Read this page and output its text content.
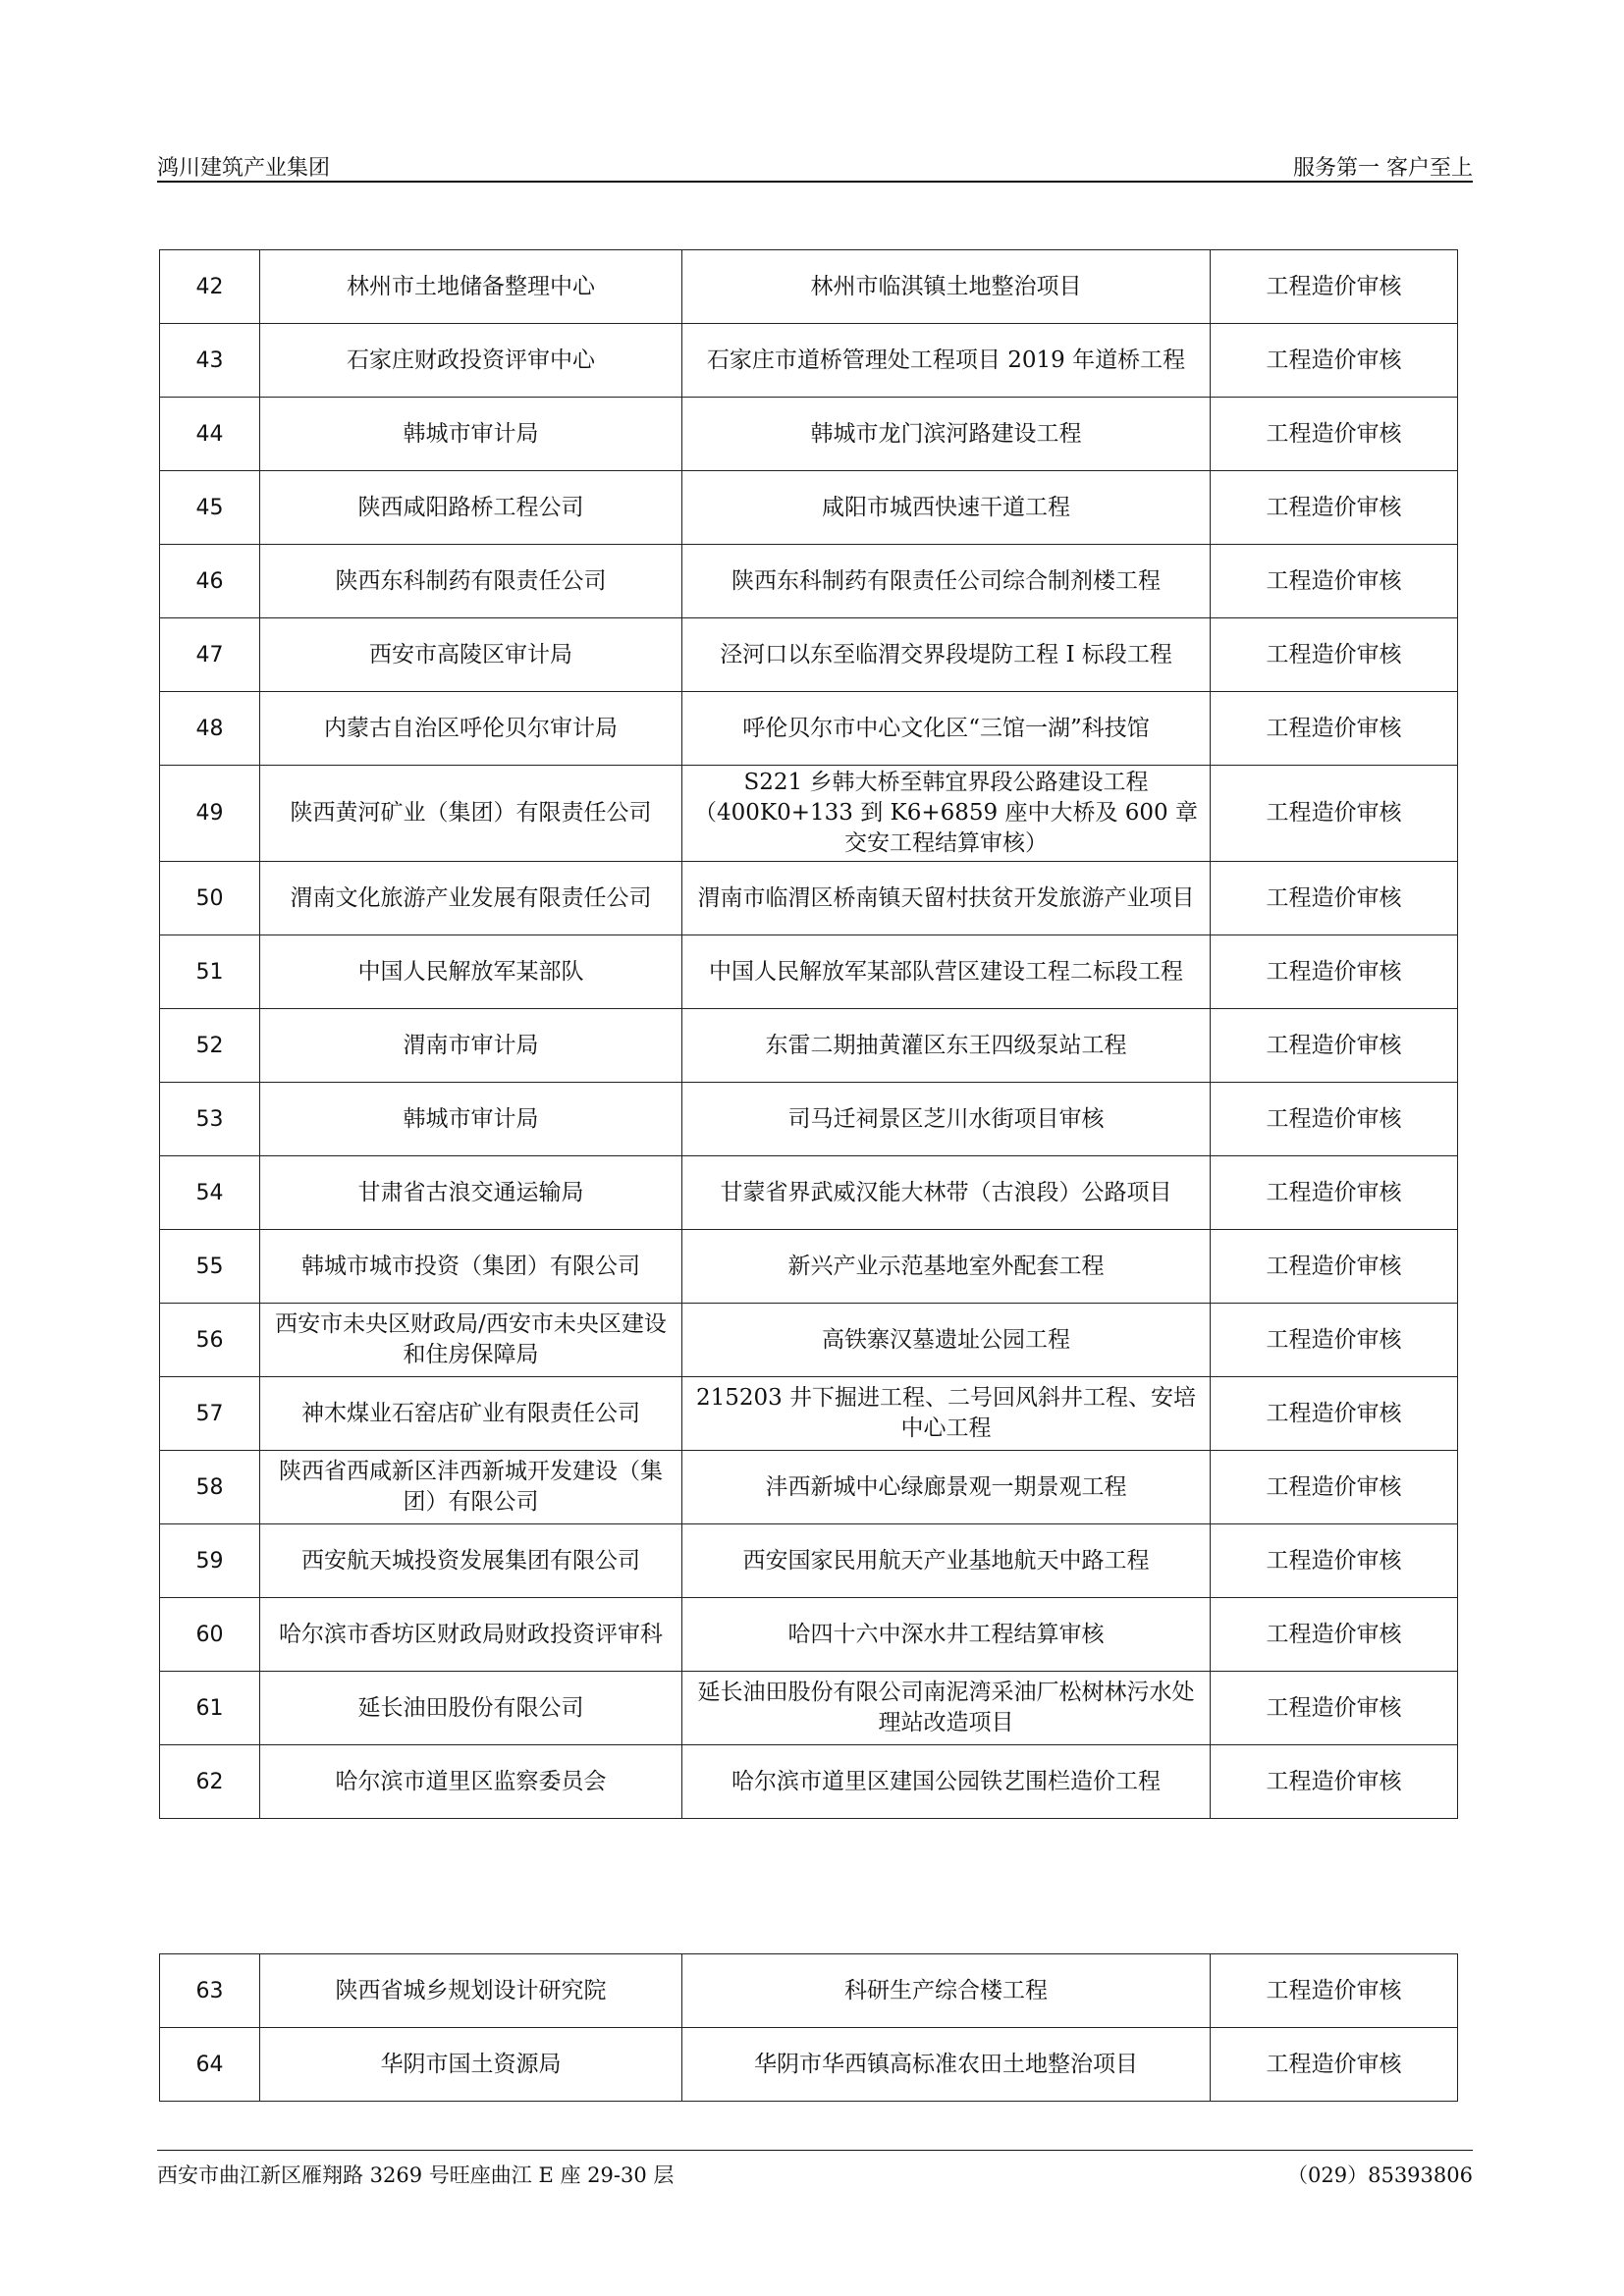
鸿川建筑产业集团	服务第一 客户至上
42	林州市土地储备整理中心	林州市临淇镇土地整治项目	工程造价审核
43	石家庄财政投资评审中心	石家庄市道桥管理处工程项目 2019 年道桥工程	工程造价审核
44	韩城市审计局	韩城市龙门滨河路建设工程	工程造价审核
45	陕西咸阳路桥工程公司	咸阳市城西快速干道工程	工程造价审核
46	陕西东科制药有限责任公司	陕西东科制药有限责任公司综合制剂楼工程	工程造价审核
47	西安市高陵区审计局	泾河口以东至临渭交界段堤防工程 I 标段工程	工程造价审核
48	内蒙古自治区呼伦贝尔审计局	呼伦贝尔市中心文化区“三馆一湖”科技馆	工程造价审核
49	陕西黄河矿业（集团）有限责任公司	S221 乡韩大桥至韩宜界段公路建设工程（400K0+133 到 K6+6859 座中大桥及 600 章交安工程结算审核）	工程造价审核
50	渭南文化旅游产业发展有限责任公司	渭南市临渭区桥南镇天留村扶贫开发旅游产业项目	工程造价审核
51	中国人民解放军某部队	中国人民解放军某部队营区建设工程二标段工程	工程造价审核
52	渭南市审计局	东雷二期抽黄灌区东王四级泵站工程	工程造价审核
53	韩城市审计局	司马迁祠景区芝川水街项目审核	工程造价审核
54	甘肃省古浪交通运输局	甘蒙省界武威汉能大林带（古浪段）公路项目	工程造价审核
55	韩城市城市投资（集团）有限公司	新兴产业示范基地室外配套工程	工程造价审核
56	西安市未央区财政局/西安市未央区建设和住房保障局	高铁寨汉墓遗址公园工程	工程造价审核
57	神木煤业石窑店矿业有限责任公司	215203 井下掘进工程、二号回风斜井工程、安培中心工程	工程造价审核
58	陕西省西咸新区沣西新城开发建设（集团）有限公司	沣西新城中心绿廊景观一期景观工程	工程造价审核
59	西安航天城投资发展集团有限公司	西安国家民用航天产业基地航天中路工程	工程造价审核
60	哈尔滨市香坊区财政局财政投资评审科	哈四十六中深水井工程结算审核	工程造价审核
61	延长油田股份有限公司	延长油田股份有限公司南泥湾采油厂松树林污水处理站改造项目	工程造价审核
62	哈尔滨市道里区监察委员会	哈尔滨市道里区建国公园铁艺围栏造价工程	工程造价审核
63	陕西省城乡规划设计研究院	科研生产综合楼工程	工程造价审核
64	华阴市国土资源局	华阴市华西镇高标准农田土地整治项目	工程造价审核
西安市曲江新区雁翔路 3269 号旺座曲江 E 座 29-30 层	（029）85393806
